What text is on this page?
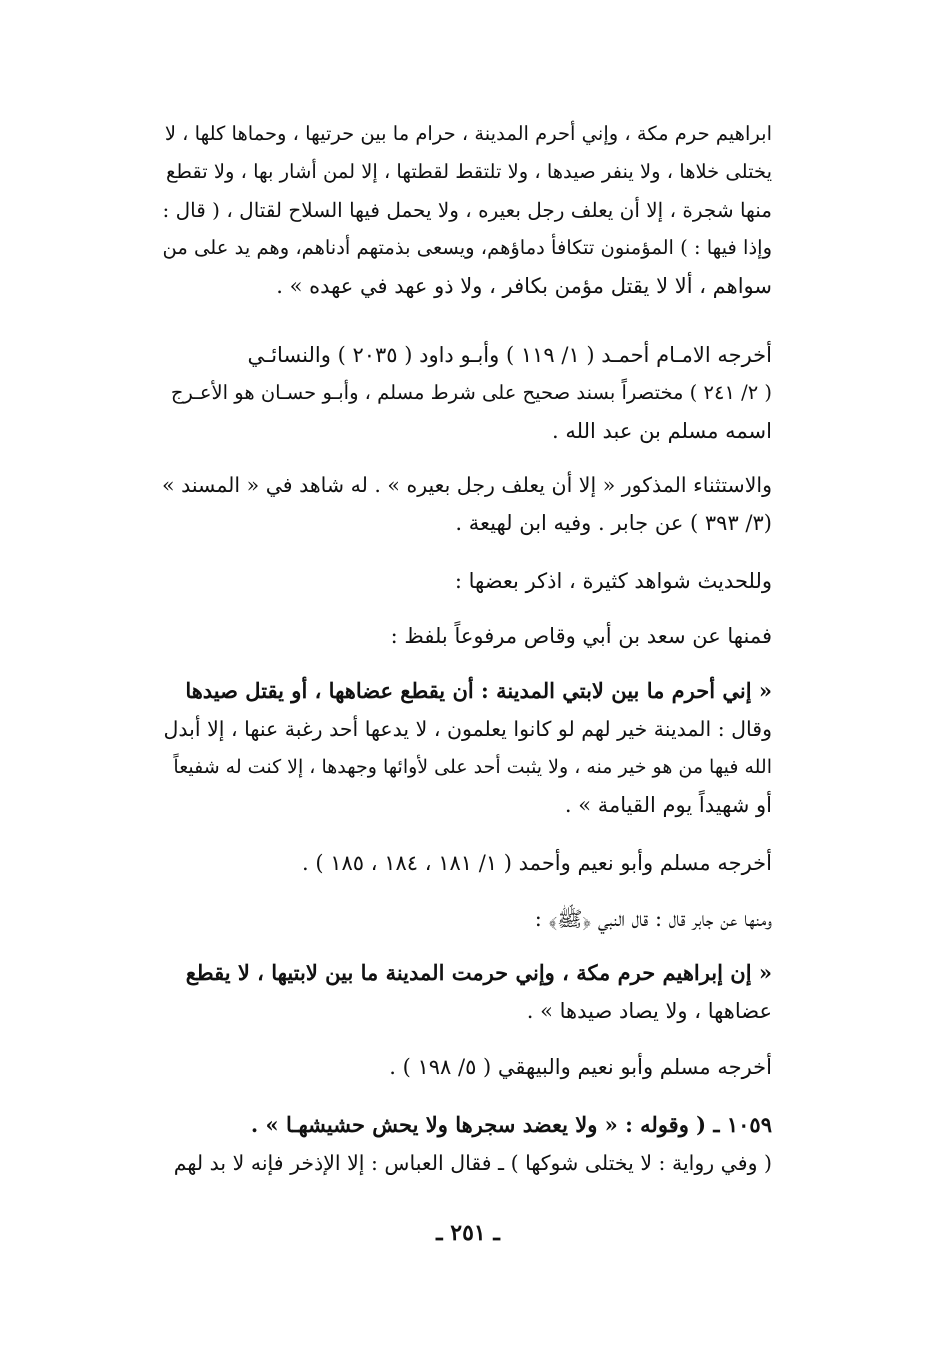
ابراهيم حرم مكة ، وإني أحرم المدينة ، حرام ما بين حرتيها ، وحماها كلها ، لا
يختلى خلاها ، ولا ينفر صيدها ، ولا تلتقط لقطتها ، إلا لمن أشار بها ، ولا تقطع
منها شجرة ، إلا أن يعلف رجل بعيره ، ولا يحمل فيها السلاح لقتال ، ( قال :
وإذا فيها : ) المؤمنون تتكافأ دماؤهم، ويسعى بذمتهم أدناهم، وهم يد على من
سواهم ، ألا لا يقتل مؤمن بكافر ، ولا ذو عهد في عهده » .
أخرجه الامـام أحمـد ( ١/ ١١٩ ) وأبـو داود ( ٢٠٣٥ ) والنسائـي
( ٢/ ٢٤١ ) مختصراً بسند صحيح على شرط مسلم ، وأبـو حسـان هو الأعـرج
اسمه مسلم بن عبد الله .
والاستثناء المذكور « إلا أن يعلف رجل بعيره » . له شاهد في « المسند »
(٣/ ٣٩٣ ) عن جابر . وفيه ابن لهيعة .
وللحديث شواهد كثيرة ، اذكر بعضها :
فمنها عن سعد بن أبي وقاص مرفوعاً بلفظ :
« إني أحرم ما بين لابتي المدينة : أن يقطع عضاهها ، أو يقتل صيدها
وقال : المدينة خير لهم لو كانوا يعلمون ، لا يدعها أحد رغبة عنها ، إلا أبدل
الله فيها من هو خير منه ، ولا يثبت أحد على لأوائها وجهدها ، إلا كنت له شفيعاً
أو شهيداً يوم القيامة » .
أخرجه مسلم وأبو نعيم وأحمد ( ١/ ١٨١ ، ١٨٤ ، ١٨٥ ) .
ومنها عن جابر قال : قال النبي ﴿ﷺ﴾ :
« إن إبراهيم حرم مكة ، وإني حرمت المدينة ما بين لابتيها ، لا يقطع
عضاهها ، ولا يصاد صيدها » .
أخرجه مسلم وأبو نعيم والبيهقي ( ٥/ ١٩٨ ) .
١٠٥٩ ـ ( وقوله : « ولا يعضد سجرها ولا يحش حشيشهـا » .
( وفي رواية : لا يختلى شوكها ) ـ فقال العباس : إلا الإذخر فإنه لا بد لهم
ـ ٢٥١ ـ
